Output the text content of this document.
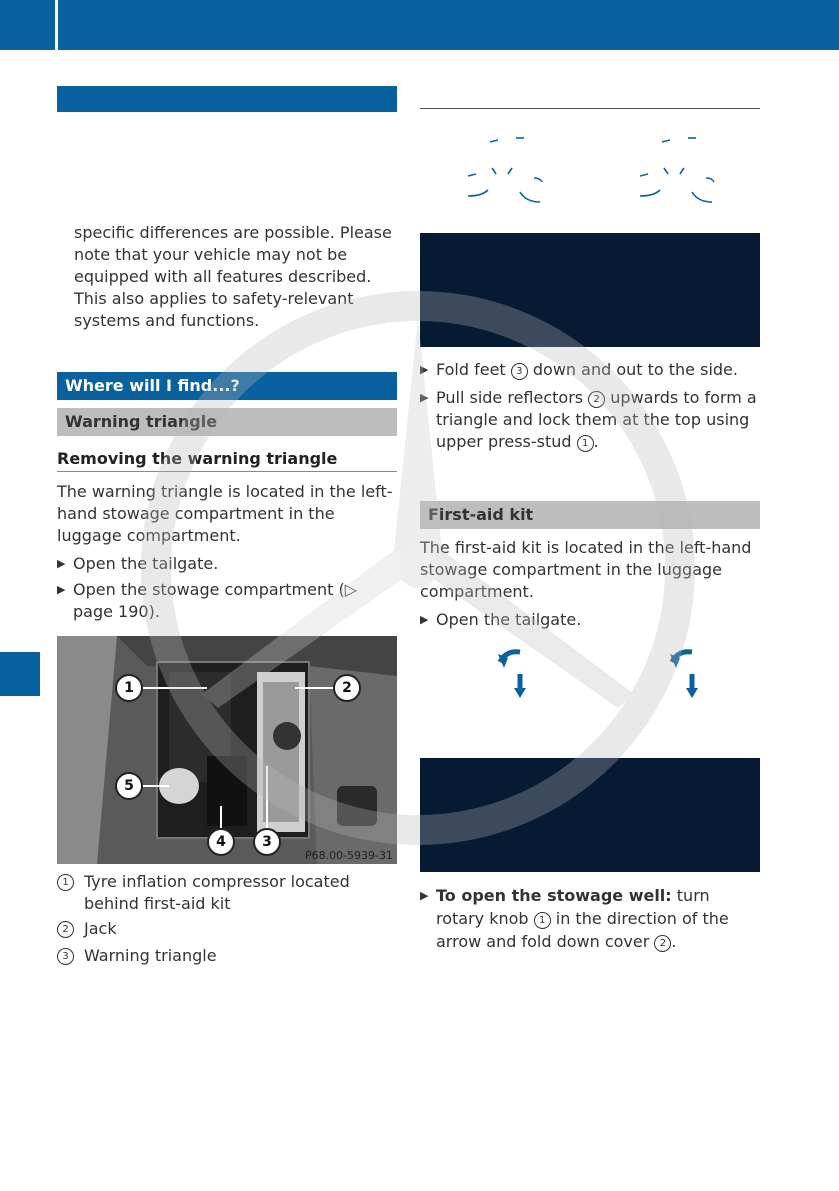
specific differences are possible. Please note that your vehicle may not be equipped with all features described. This also applies to safety-relevant systems and functions.
Where will I find...?
Warning triangle
Removing the warning triangle
The warning triangle is located in the left-hand stowage compartment in the luggage compartment.
▶ Open the tailgate.
▶ Open the stowage compartment (▷ page 190).
1	2
5
4	3
P68.00-5939-31
1 Tyre inflation compressor located behind first-aid kit
2 Jack
3 Warning triangle
▶ Fold feet 3 down and out to the side.
▶ Pull side reflectors 2 upwards to form a triangle and lock them at the top using upper press-stud 1 .
First-aid kit
The first-aid kit is located in the left-hand stowage compartment in the luggage compartment.
▶ Open the tailgate.
▶ To open the stowage well: turn rotary knob 1 in the direction of the arrow and fold down cover 2 .
